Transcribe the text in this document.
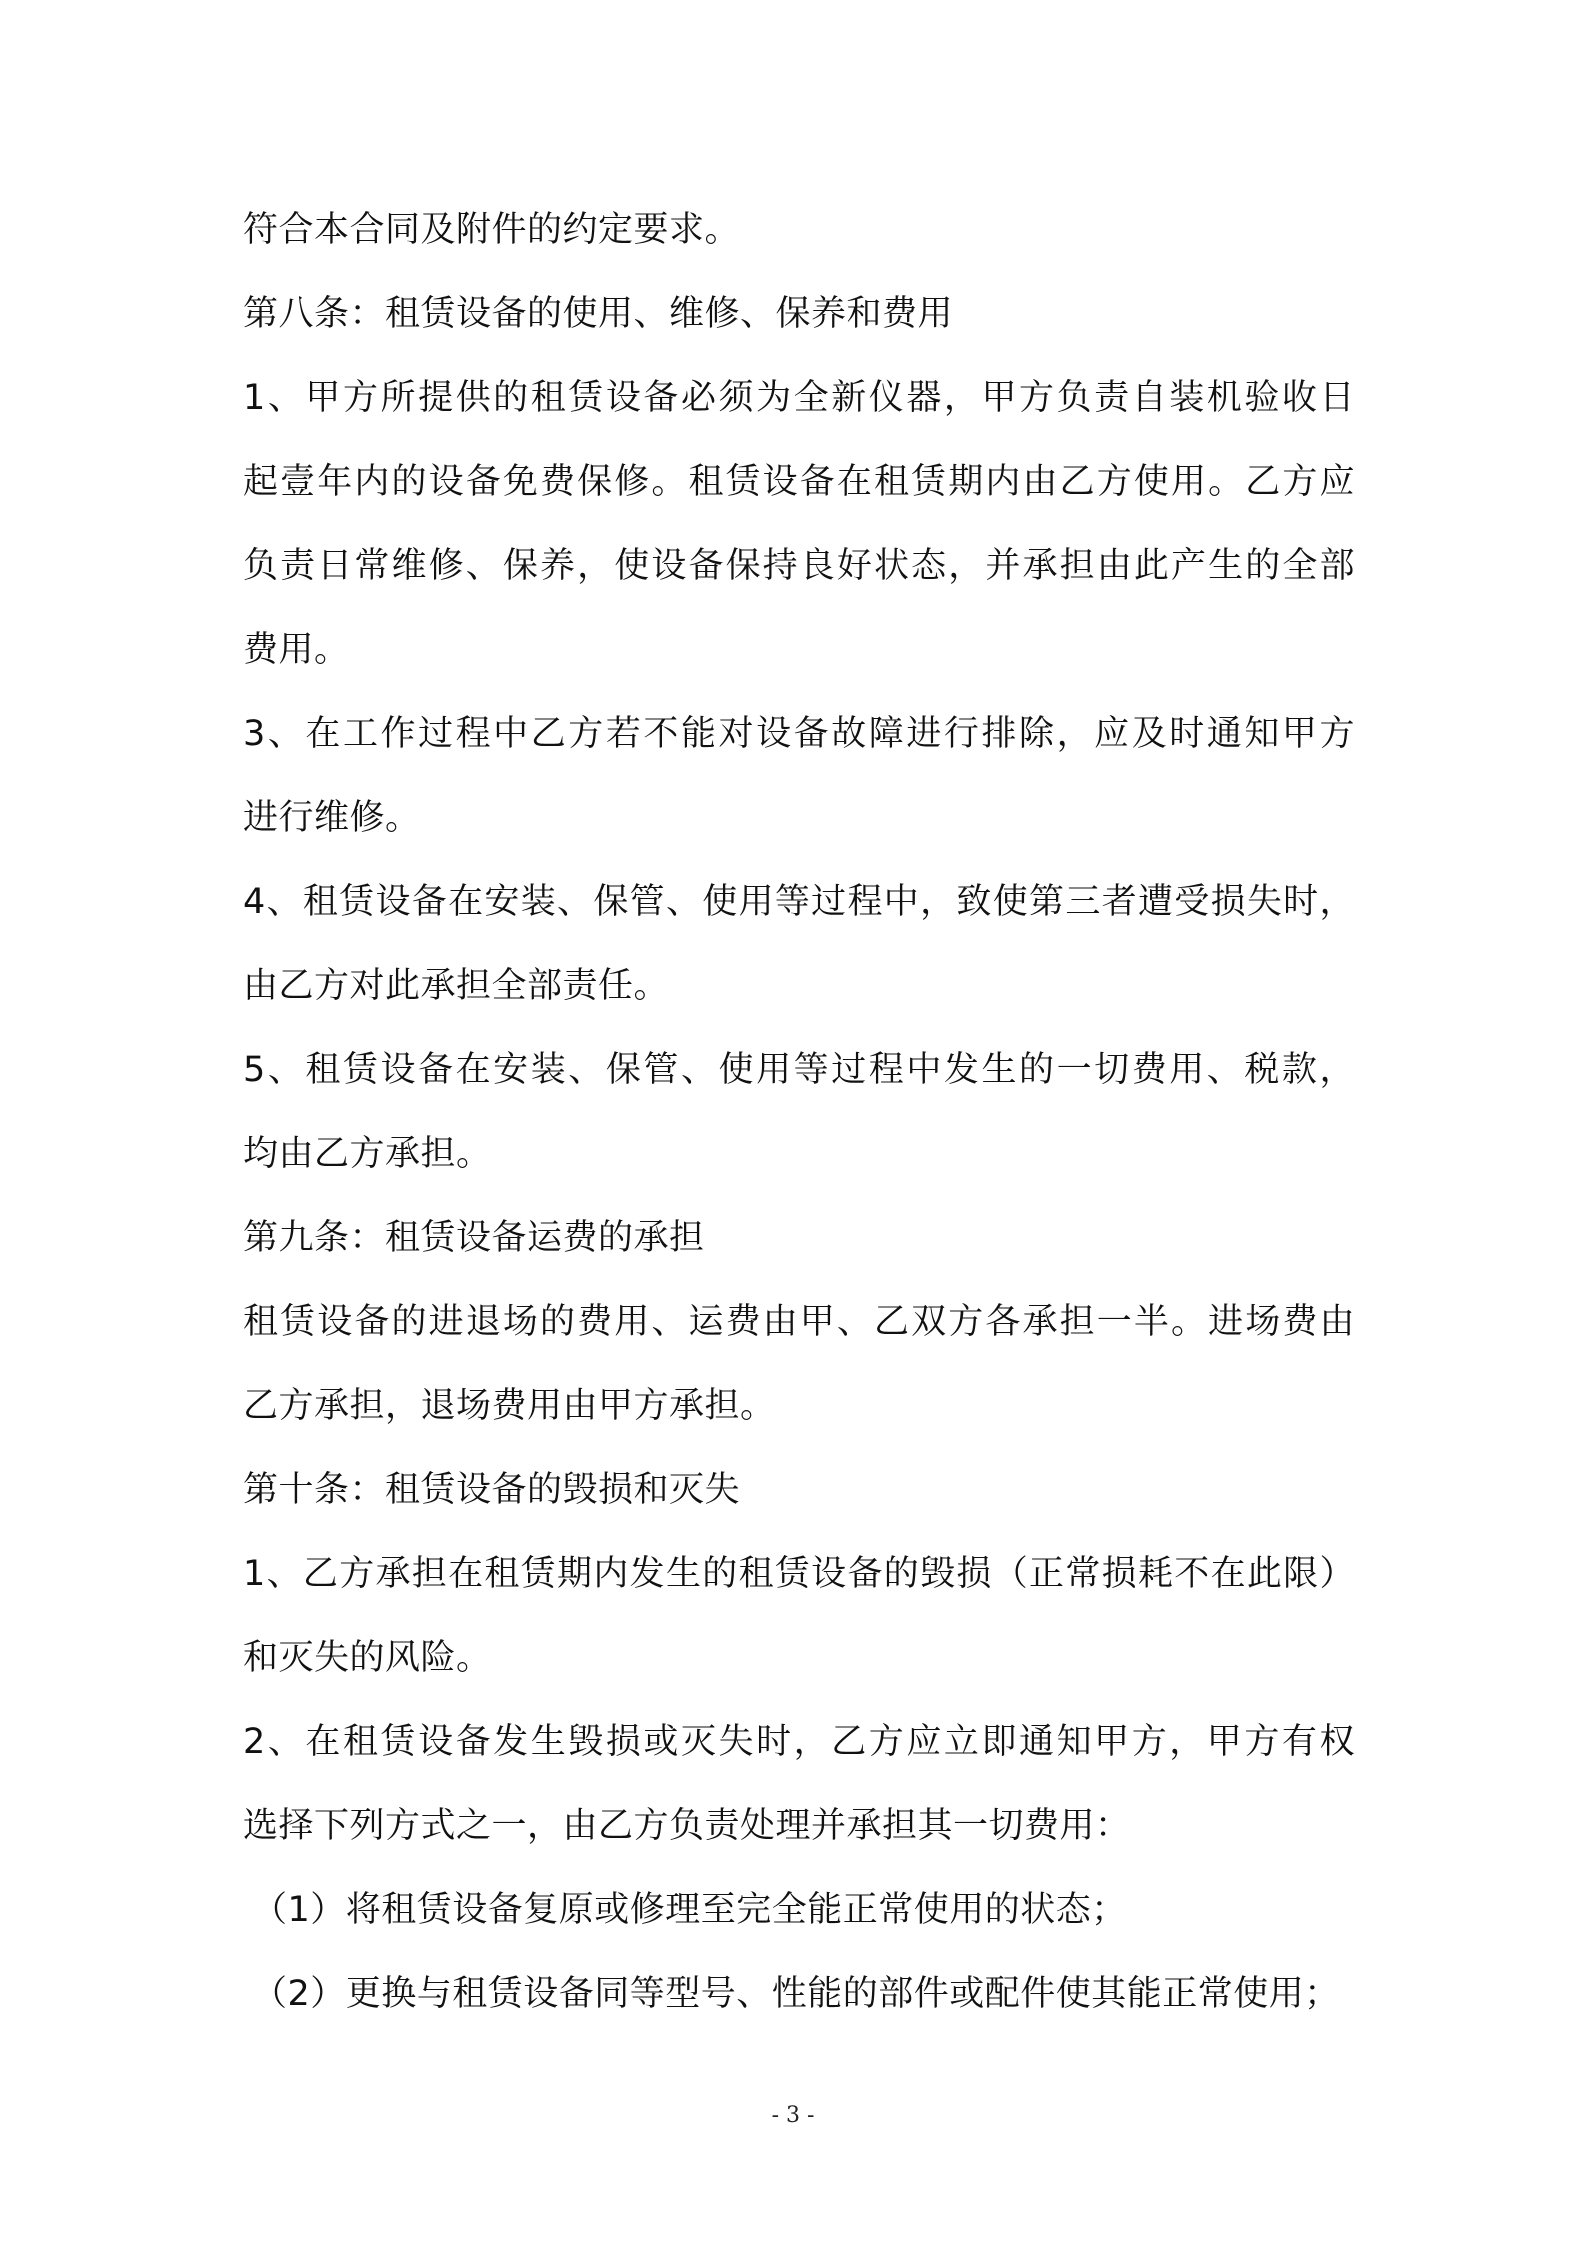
符合本合同及附件的约定要求。
第八条：租赁设备的使用、维修、保养和费用
1、甲方所提供的租赁设备必须为全新仪器，甲方负责自装机验收日
起壹年内的设备免费保修。租赁设备在租赁期内由乙方使用。乙方应
负责日常维修、保养，使设备保持良好状态，并承担由此产生的全部
费用。
3、在工作过程中乙方若不能对设备故障进行排除，应及时通知甲方
进行维修。
4、租赁设备在安装、保管、使用等过程中，致使第三者遭受损失时，
由乙方对此承担全部责任。
5、租赁设备在安装、保管、使用等过程中发生的一切费用、税款，
均由乙方承担。
第九条：租赁设备运费的承担
租赁设备的进退场的费用、运费由甲、乙双方各承担一半。进场费由
乙方承担，退场费用由甲方承担。
第十条：租赁设备的毁损和灭失
1、乙方承担在租赁期内发生的租赁设备的毁损（正常损耗不在此限）
和灭失的风险。
2、在租赁设备发生毁损或灭失时，乙方应立即通知甲方，甲方有权
选择下列方式之一，由乙方负责处理并承担其一切费用：
（1）将租赁设备复原或修理至完全能正常使用的状态；
（2）更换与租赁设备同等型号、性能的部件或配件使其能正常使用；
- 3 -
